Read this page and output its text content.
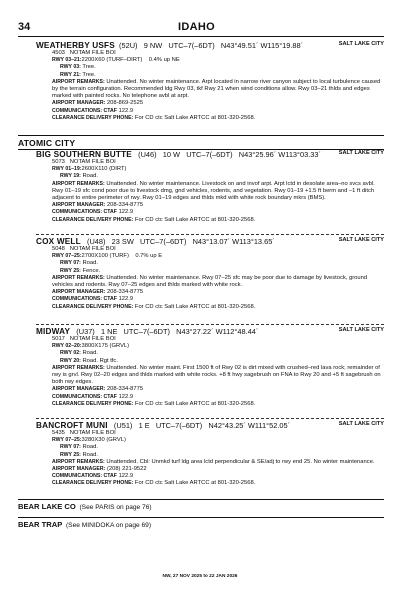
34	IDAHO
WEATHERBY USFS (52U) 9 NW UTC–7(–6DT) N43°49.51´ W115°19.88´	SALT LAKE CITY
4503 NOTAM FILE BOI
RWY 03–21:2200X60 (TURF–DIRT) 0.4% up NE
RWY 03: Tree.
RWY 21: Tree.
AIRPORT REMARKS: Unattended. No winter maintenance. Arpt located in narrow river canyon subject to local turbulence caused by the terrain configuration. Recommended ldg Rwy 03, tkf Rwy 21 when wind conditions allow. Rwy 03–21 thlds and edges marked with painted rocks. No telephone avbl at arpt.
AIRPORT MANAGER: 208-869-2525
COMMUNICATIONS: CTAF 122.9
CLEARANCE DELIVERY PHONE: For CD ctc Salt Lake ARTCC at 801-320-2568.
ATOMIC CITY
BIG SOUTHERN BUTTE (U46) 10 W UTC–7(–6DT) N43°25.96´ W113°03.33´	SALT LAKE CITY
5073 NOTAM FILE BOI
RWY 01–19:2600X110 (DIRT)
RWY 19: Road.
AIRPORT REMARKS: Unattended. No winter maintenance. Livestock on and invof arpt. Arpt lctd in desolate area–no svcs avbl. Rwy 01–19 sfc cond poor due to livestock dmg, gnd vehicles, rodents, and vegetation. Rwy 01–19 +1.5 ft berm and –1 ft ditch adjacent to entire perimeter of rwy. Rwy 01–19 edges and thlds mkd with white rock boundary mkrs (BMS).
AIRPORT MANAGER: 208-334-8775
COMMUNICATIONS: CTAF 122.9
CLEARANCE DELIVERY PHONE: For CD ctc Salt Lake ARTCC at 801-320-2568.
COX WELL (U48) 23 SW UTC–7(–6DT) N43°13.07´ W113°13.65´	SALT LAKE CITY
5048 NOTAM FILE BOI
RWY 07–25:2700X100 (TURF) 0.7% up E
RWY 07: Road.
RWY 25: Fence.
AIRPORT REMARKS: Unattended. No winter maintenance. Rwy 07–25 sfc may be poor due to damage by livestock, ground vehicles and rodents. Rwy 07–25 edges and thlds marked with white rock.
AIRPORT MANAGER: 208-334-8775
COMMUNICATIONS: CTAF 122.9
CLEARANCE DELIVERY PHONE: For CD ctc Salt Lake ARTCC at 801-320-2568.
MIDWAY (U37) 1 NE UTC–7(–6DT) N43°27.22´ W112°48.44´	SALT LAKE CITY
5017 NOTAM FILE BOI
RWY 02–20:3800X175 (GRVL)
RWY 02: Road.
RWY 20: Road. Rgt tfc.
AIRPORT REMARKS: Unattended. No winter maint. First 1500 ft of Rwy 02 is dirt mixed with crushed–red lava rock; remainder of rwy is grvl. Rwy 02–20 edges and thlds marked with white rocks. +8 ft hwy sagebrush on FNA to Rwy 20 and +5 ft sagebrush on both rwy edges.
AIRPORT MANAGER: 208-334-8775
COMMUNICATIONS: CTAF 122.9
CLEARANCE DELIVERY PHONE: For CD ctc Salt Lake ARTCC at 801-320-2568.
BANCROFT MUNI (U51) 1 E UTC–7(–6DT) N42°43.25´ W111°52.05´	SALT LAKE CITY
5435 NOTAM FILE BOI
RWY 07–25:3280X30 (GRVL)
RWY 07: Road.
RWY 25: Road.
AIRPORT REMARKS: Unattended. Cbl: Unmkd turf ldg area lctd perpendicular & SE/adj to rwy end 25. No winter maintenance.
AIRPORT MANAGER: (208) 221-9522
COMMUNICATIONS: CTAF 122.9
CLEARANCE DELIVERY PHONE: For CD ctc Salt Lake ARTCC at 801-320-2568.
BEAR LAKE CO (See PARIS on page 76)
BEAR TRAP (See MINIDOKA on page 69)
NW, 27 NOV 2025 to 22 JAN 2026
